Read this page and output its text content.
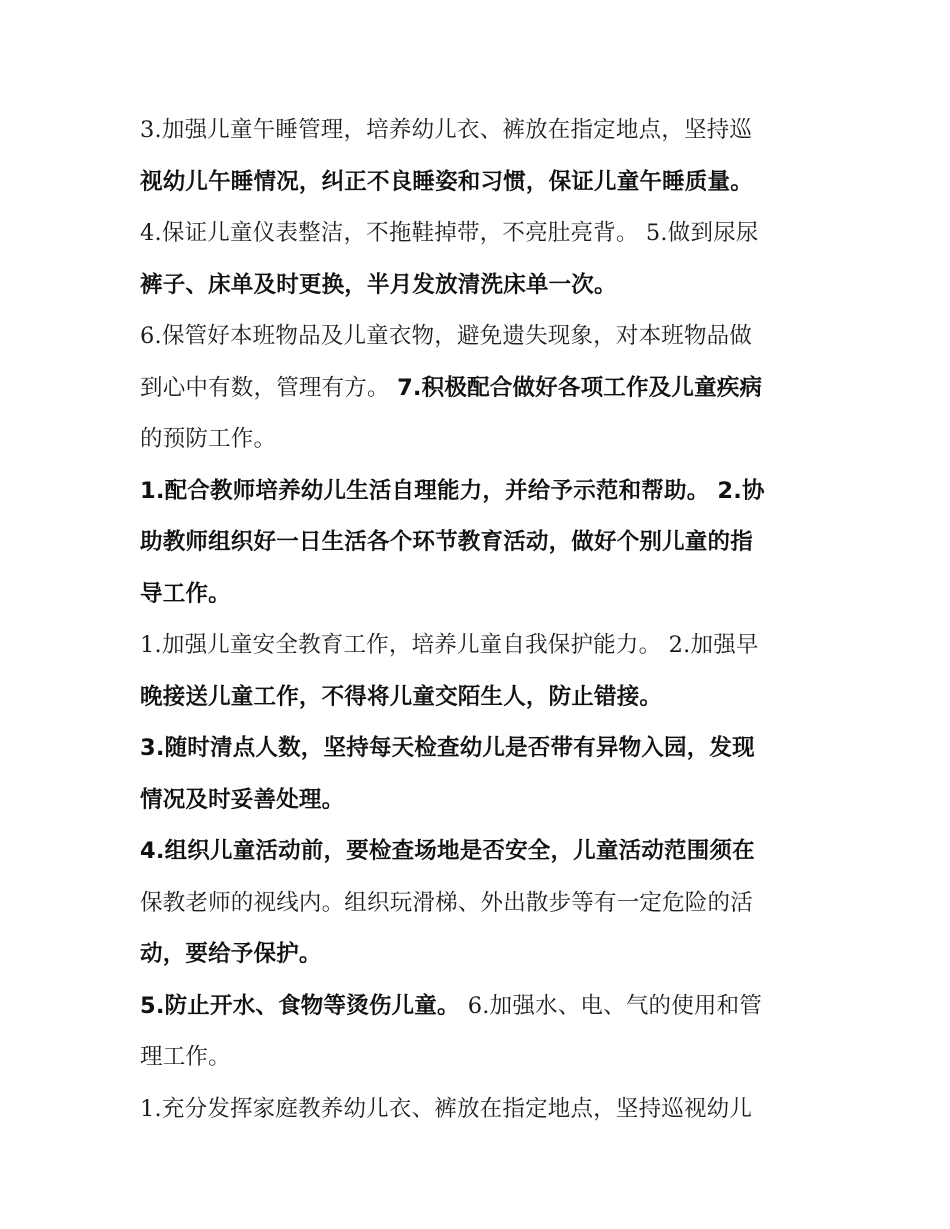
3.加强儿童午睡管理，培养幼儿衣、裤放在指定地点，坚持巡
视幼儿午睡情况，纠正不良睡姿和习惯，保证儿童午睡质量。
4.保证儿童仪表整洁，不拖鞋掉带，不亮肚亮背。 5.做到尿尿
裤子、床单及时更换，半月发放清洗床单一次。
6.保管好本班物品及儿童衣物，避免遗失现象，对本班物品做
到心中有数，管理有方。 7.积极配合做好各项工作及儿童疾病
的预防工作。
1.配合教师培养幼儿生活自理能力，并给予示范和帮助。 2.协
助教师组织好一日生活各个环节教育活动，做好个别儿童的指
导工作。
1.加强儿童安全教育工作，培养儿童自我保护能力。 2.加强早
晚接送儿童工作，不得将儿童交陌生人，防止错接。
3.随时清点人数，坚持每天检查幼儿是否带有异物入园，发现
情况及时妥善处理。
4.组织儿童活动前，要检查场地是否安全，儿童活动范围须在
保教老师的视线内。组织玩滑梯、外出散步等有一定危险的活
动，要给予保护。
5.防止开水、食物等烫伤儿童。 6.加强水、电、气的使用和管
理工作。
1.充分发挥家庭教养幼儿衣、裤放在指定地点，坚持巡视幼儿
